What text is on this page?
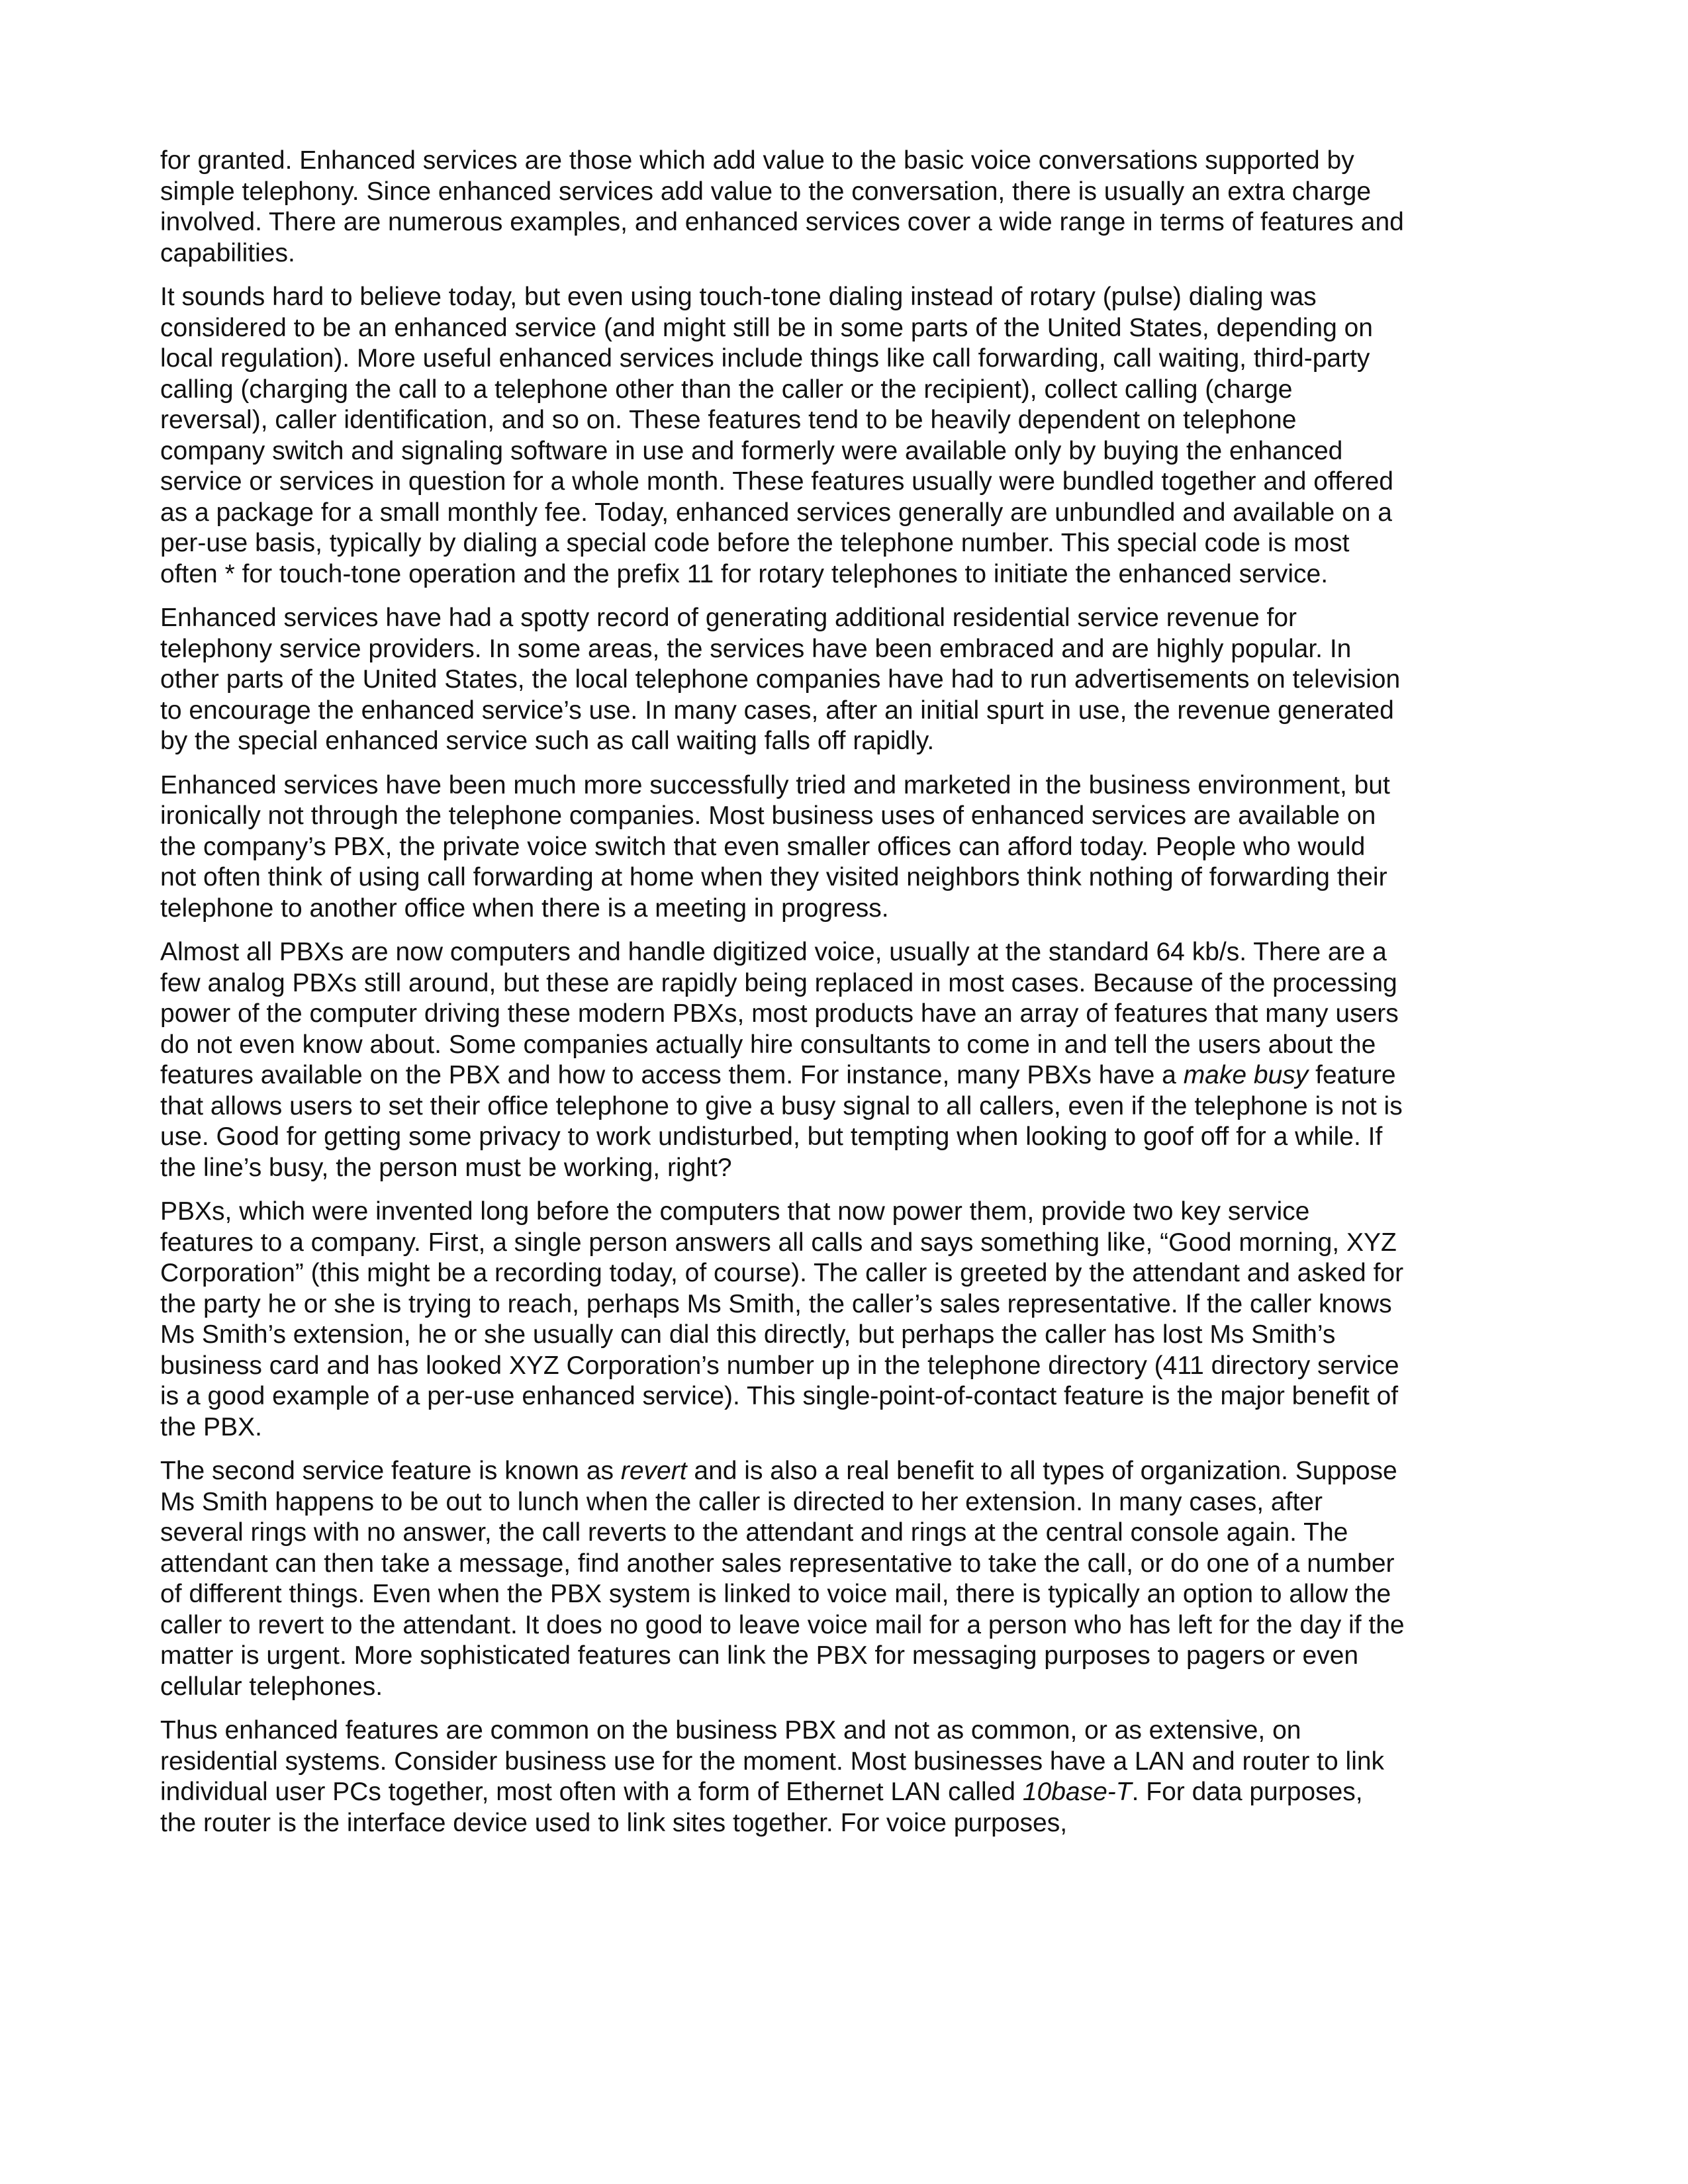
for granted. Enhanced services are those which add value to the basic voice conversations supported by simple telephony. Since enhanced services add value to the conversation, there is usually an extra charge involved. There are numerous examples, and enhanced services cover a wide range in terms of features and capabilities.

It sounds hard to believe today, but even using touch-tone dialing instead of rotary (pulse) dialing was considered to be an enhanced service (and might still be in some parts of the United States, depending on local regulation). More useful enhanced services include things like call forwarding, call waiting, third-party calling (charging the call to a telephone other than the caller or the recipient), collect calling (charge reversal), caller identification, and so on. These features tend to be heavily dependent on telephone company switch and signaling software in use and formerly were available only by buying the enhanced service or services in question for a whole month. These features usually were bundled together and offered as a package for a small monthly fee. Today, enhanced services generally are unbundled and available on a per-use basis, typically by dialing a special code before the telephone number. This special code is most often * for touch-tone operation and the prefix 11 for rotary telephones to initiate the enhanced service.

Enhanced services have had a spotty record of generating additional residential service revenue for telephony service providers. In some areas, the services have been embraced and are highly popular. In other parts of the United States, the local telephone companies have had to run advertisements on television to encourage the enhanced service’s use. In many cases, after an initial spurt in use, the revenue generated by the special enhanced service such as call waiting falls off rapidly.

Enhanced services have been much more successfully tried and marketed in the business environment, but ironically not through the telephone companies. Most business uses of enhanced services are available on the company’s PBX, the private voice switch that even smaller offices can afford today. People who would not often think of using call forwarding at home when they visited neighbors think nothing of forwarding their telephone to another office when there is a meeting in progress.

Almost all PBXs are now computers and handle digitized voice, usually at the standard 64 kb/s. There are a few analog PBXs still around, but these are rapidly being replaced in most cases. Because of the processing power of the computer driving these modern PBXs, most products have an array of features that many users do not even know about. Some companies actually hire consultants to come in and tell the users about the features available on the PBX and how to access them. For instance, many PBXs have a make busy feature that allows users to set their office telephone to give a busy signal to all callers, even if the telephone is not is use. Good for getting some privacy to work undisturbed, but tempting when looking to goof off for a while. If the line’s busy, the person must be working, right?

PBXs, which were invented long before the computers that now power them, provide two key service features to a company. First, a single person answers all calls and says something like, “Good morning, XYZ Corporation” (this might be a recording today, of course). The caller is greeted by the attendant and asked for the party he or she is trying to reach, perhaps Ms Smith, the caller’s sales representative. If the caller knows Ms Smith’s extension, he or she usually can dial this directly, but perhaps the caller has lost Ms Smith’s business card and has looked XYZ Corporation’s number up in the telephone directory (411 directory service is a good example of a per-use enhanced service). This single-point-of-contact feature is the major benefit of the PBX.

The second service feature is known as revert and is also a real benefit to all types of organization. Suppose Ms Smith happens to be out to lunch when the caller is directed to her extension. In many cases, after several rings with no answer, the call reverts to the attendant and rings at the central console again. The attendant can then take a message, find another sales representative to take the call, or do one of a number of different things. Even when the PBX system is linked to voice mail, there is typically an option to allow the caller to revert to the attendant. It does no good to leave voice mail for a person who has left for the day if the matter is urgent. More sophisticated features can link the PBX for messaging purposes to pagers or even cellular telephones.

Thus enhanced features are common on the business PBX and not as common, or as extensive, on residential systems. Consider business use for the moment. Most businesses have a LAN and router to link individual user PCs together, most often with a form of Ethernet LAN called 10base-T. For data purposes, the router is the interface device used to link sites together. For voice purposes,
